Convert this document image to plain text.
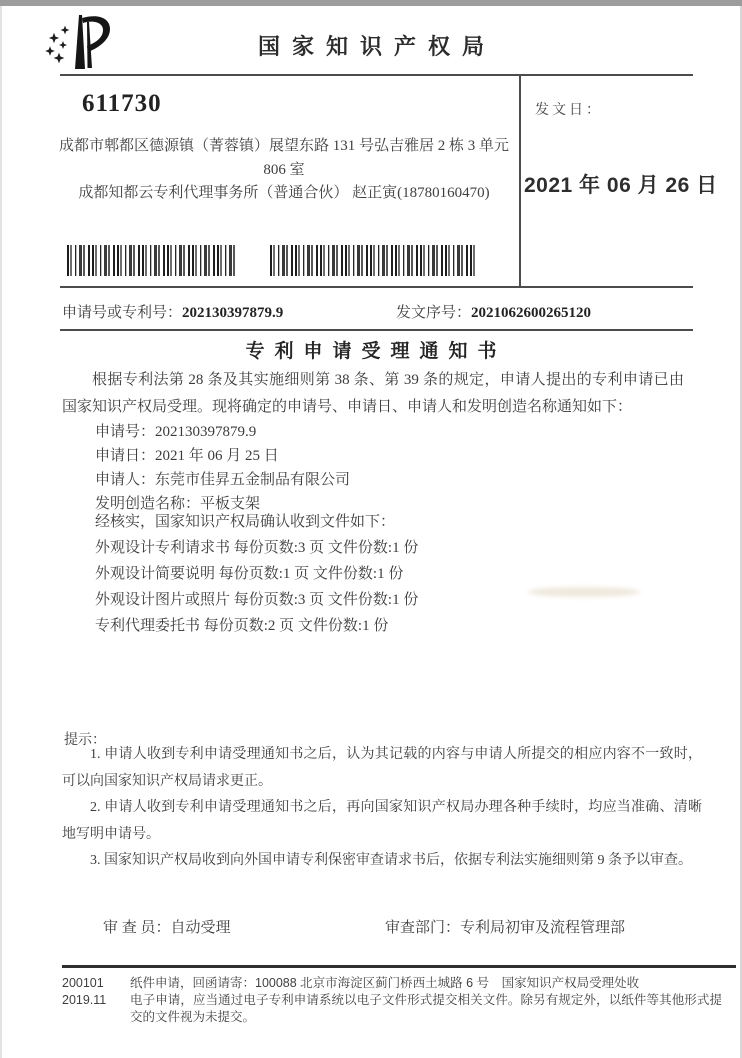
国家知识产权局
发文日：
2021 年 06 月 26 日
611730
成都市郫都区德源镇（菁蓉镇）展望东路 131 号弘吉雅居 2 栋 3 单元
806 室
成都知都云专利代理事务所（普通合伙） 赵正寅(18780160470)
申请号或专利号：202130397879.9	发文序号：2021062600265120
专利申请受理通知书

根据专利法第 28 条及其实施细则第 38 条、第 39 条的规定，申请人提出的专利申请已由国家知识产权局受理。现将确定的申请号、申请日、申请人和发明创造名称通知如下：

申请号：202130397879.9
申请日：2021 年 06 月 25 日
申请人：东莞市佳昇五金制品有限公司
发明创造名称：平板支架
经核实，国家知识产权局确认收到文件如下：
外观设计专利请求书 每份页数:3 页 文件份数:1 份
外观设计简要说明 每份页数:1 页 文件份数:1 份
外观设计图片或照片 每份页数:3 页 文件份数:1 份
专利代理委托书 每份页数:2 页 文件份数:1 份
提示：

1. 申请人收到专利申请受理通知书之后，认为其记载的内容与申请人所提交的相应内容不一致时，可以向国家知识产权局请求更正。

2. 申请人收到专利申请受理通知书之后，再向国家知识产权局办理各种手续时，均应当准确、清晰地写明申请号。

3. 国家知识产权局收到向外国申请专利保密审查请求书后，依据专利法实施细则第 9 条予以审查。

审 查 员：自动受理	审查部门：专利局初审及流程管理部
200101
2019.11
纸件申请，回函请寄：100088 北京市海淀区蓟门桥西土城路 6 号　国家知识产权局受理处收
电子申请，应当通过电子专利申请系统以电子文件形式提交相关文件。除另有规定外，以纸件等其他形式提交的文件视为未提交。
